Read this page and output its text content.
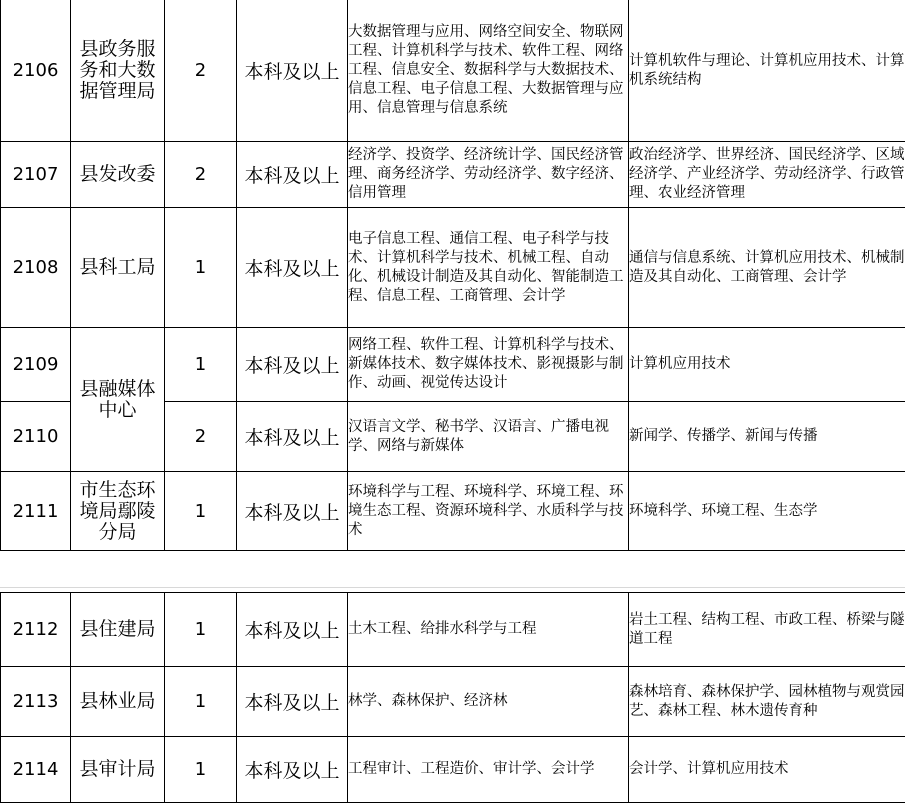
2106	县政务服务和大数据管理局	2	本科及以上	大数据管理与应用、网络空间安全、物联网工程、计算机科学与技术、软件工程、网络工程、信息安全、数据科学与大数据技术、信息工程、电子信息工程、大数据管理与应用、信息管理与信息系统	计算机软件与理论、计算机应用技术、计算机系统结构
2107	县发改委	2	本科及以上	经济学、投资学、经济统计学、国民经济管理、商务经济学、劳动经济学、数字经济、信用管理	政治经济学、世界经济、国民经济学、区域经济学、产业经济学、劳动经济学、行政管理、农业经济管理
2108	县科工局	1	本科及以上	电子信息工程、通信工程、电子科学与技术、计算机科学与技术、机械工程、自动化、机械设计制造及其自动化、智能制造工程、信息工程、工商管理、会计学	通信与信息系统、计算机应用技术、机械制造及其自动化、工商管理、会计学
2109	县融媒体中心	1	本科及以上	网络工程、软件工程、计算机科学与技术、新媒体技术、数字媒体技术、影视摄影与制作、动画、视觉传达设计	计算机应用技术
2110		2	本科及以上	汉语言文学、秘书学、汉语言、广播电视学、网络与新媒体	新闻学、传播学、新闻与传播
2111	市生态环境局鄢陵分局	1	本科及以上	环境科学与工程、环境科学、环境工程、环境生态工程、资源环境科学、水质科学与技术	环境科学、环境工程、生态学
2112	县住建局	1	本科及以上	土木工程、给排水科学与工程	岩土工程、结构工程、市政工程、桥梁与隧道工程
2113	县林业局	1	本科及以上	林学、森林保护、经济林	森林培育、森林保护学、园林植物与观赏园艺、森林工程、林木遗传育种
2114	县审计局	1	本科及以上	工程审计、工程造价、审计学、会计学	会计学、计算机应用技术
